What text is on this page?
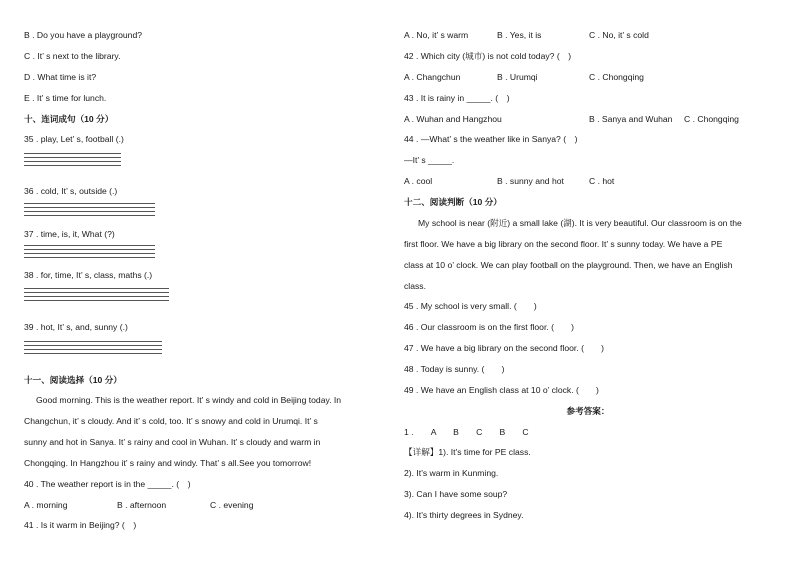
B . Do you have a playground?
C . It’ s next to the library.
D . What time is it?
E . It’ s time for lunch.
十、连词成句（10 分）
35 . play, Let’ s, football (.)
36 . cold, It’ s, outside (.)
37 . time, is, it, What (?)
38 . for, time, It’ s, class, maths (.)
39 . hot, It’ s, and, sunny (.)
十一、阅读选择（10 分）
Good morning. This is the weather report. It’ s windy and cold in Beijing today. In
Changchun, it’ s cloudy. And it’ s cold, too. It’ s snowy and cold in Urumqi. It’ s
sunny and hot in Sanya. It’ s rainy and cool in Wuhan. It’ s cloudy and warm in
Chongqing. In Hangzhou it’ s rainy and windy. That’ s all.See you tomorrow!
40 . The weather report is in the _____. (　)
A . morning	B . afternoon	C . evening
41 . Is it warm in Beijing? (　)
A . No, it’ s warm	B . Yes, it is	C . No, it’ s cold
42 . Which city (城市) is not cold today? (　)
A . Changchun	B . Urumqi	C . Chongqing
43 . It is rainy in _____. (　)
A . Wuhan and Hangzhou	B . Sanya and Wuhan C . Chongqing
44 . —What’ s the weather like in Sanya? (　)
—It’ s _____.
A . cool	B . sunny and hot	C . hot
十二、阅读判断（10 分）
My school is near (附近) a small lake (湖). It is very beautiful. Our classroom is on the
first floor. We have a big library on the second floor. It’ s sunny today. We have a PE
class at 10 o’ clock. We can play football on the playground. Then, we have an English
class.
45 . My school is very small. (　　)
46 . Our classroom is on the first floor. (　　)
47 . We have a big library on the second floor. (　　)
48 . Today is sunny. (　　)
49 . We have an English class at 10 o’ clock. (　　)
参考答案：
1 .　　A　　B　　C　　B　　C
【详解】1). It's time for PE class.
2). It's warm in Kunming.
3). Can I have some soup?
4). It's thirty degrees in Sydney.
